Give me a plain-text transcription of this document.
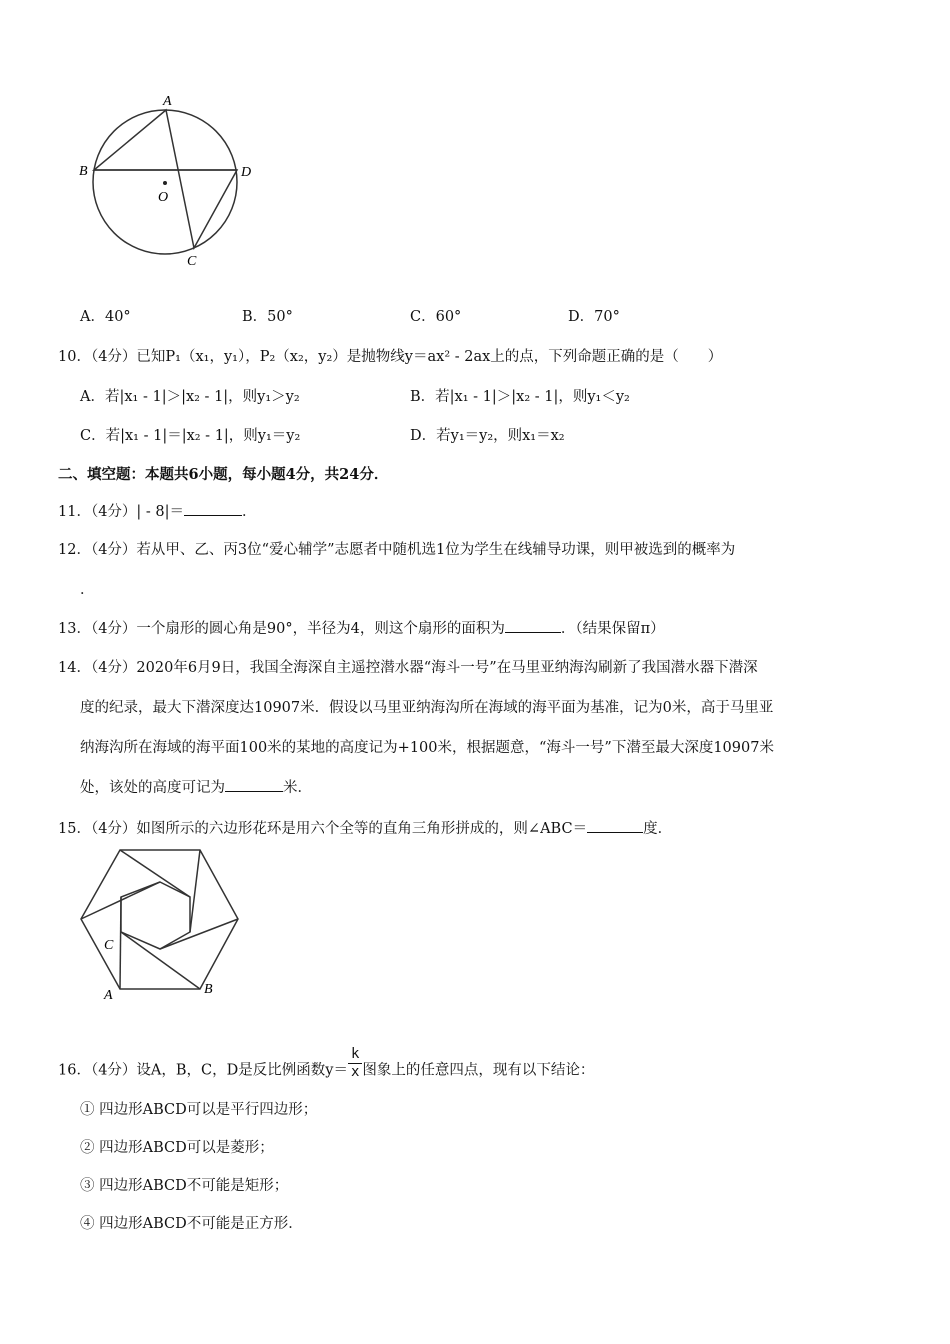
A
B	D
O
C
A．40°	B．50°	C．60°	D．70°
10．（4分）已知P₁（x₁，y₁），P₂（x₂，y₂）是抛物线y＝ax² - 2ax上的点，下列命题正确的是（　　）
A．若|x₁ - 1|＞|x₂ - 1|，则y₁＞y₂	B．若|x₁ - 1|＞|x₂ - 1|，则y₁＜y₂
C．若|x₁ - 1|＝|x₂ - 1|，则y₁＝y₂	D．若y₁＝y₂，则x₁＝x₂
二、填空题：本题共6小题，每小题4分，共24分．
11．（4分）| - 8|＝	．
12．（4分）若从甲、乙、丙3位“爱心辅学”志愿者中随机选1位为学生在线辅导功课，则甲被选到的概率为
．
13．（4分）一个扇形的圆心角是90°，半径为4，则这个扇形的面积为	．（结果保留π）
14．（4分）2020年6月9日，我国全海深自主遥控潜水器“海斗一号”在马里亚纳海沟刷新了我国潜水器下潜深
度的纪录，最大下潜深度达10907米．假设以马里亚纳海沟所在海域的海平面为基准，记为0米，高于马里亚
纳海沟所在海域的海平面100米的某地的高度记为+100米，根据题意，“海斗一号”下潜至最大深度10907米
处，该处的高度可记为	米．
15．（4分）如图所示的六边形花环是用六个全等的直角三角形拼成的，则∠ABC＝	度．
C
A	B
16．（4分）设A，B，C，D是反比例函数$y= \frac{k}{x}$ 图象上的任意四点，现有以下结论：
① 四边形ABCD可以是平行四边形；
② 四边形ABCD可以是菱形；
③ 四边形ABCD不可能是矩形；
④ 四边形ABCD不可能是正方形．
